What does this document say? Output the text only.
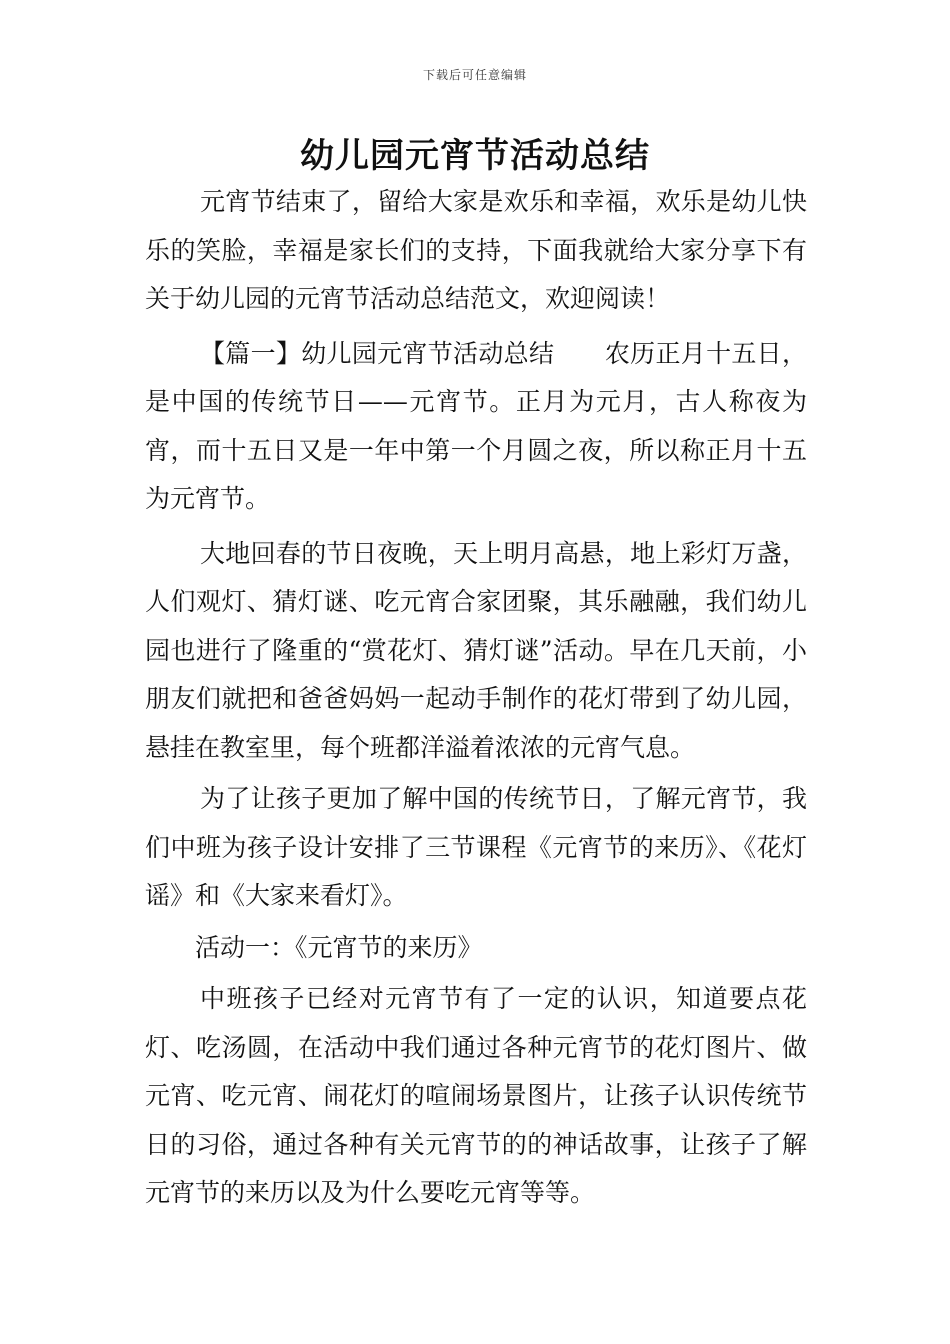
下载后可任意编辑
幼儿园元宵节活动总结

元宵节结束了，留给大家是欢乐和幸福，欢乐是幼儿快乐的笑脸，幸福是家长们的支持，下面我就给大家分享下有关于幼儿园的元宵节活动总结范文，欢迎阅读！

【篇一】幼儿园元宵节活动总结　　农历正月十五日，是中国的传统节日——元宵节。正月为元月，古人称夜为宵，而十五日又是一年中第一个月圆之夜，所以称正月十五为元宵节。

大地回春的节日夜晚，天上明月高悬，地上彩灯万盏，人们观灯、猜灯谜、吃元宵合家团聚，其乐融融，我们幼儿园也进行了隆重的“赏花灯、猜灯谜”活动。早在几天前，小朋友们就把和爸爸妈妈一起动手制作的花灯带到了幼儿园，悬挂在教室里，每个班都洋溢着浓浓的元宵气息。

为了让孩子更加了解中国的传统节日，了解元宵节，我们中班为孩子设计安排了三节课程《元宵节的来历》、《花灯谣》和《大家来看灯》。

活动一：《元宵节的来历》

中班孩子已经对元宵节有了一定的认识，知道要点花灯、吃汤圆，在活动中我们通过各种元宵节的花灯图片、做元宵、吃元宵、闹花灯的喧闹场景图片，让孩子认识传统节日的习俗，通过各种有关元宵节的的神话故事，让孩子了解元宵节的来历以及为什么要吃元宵等等。
